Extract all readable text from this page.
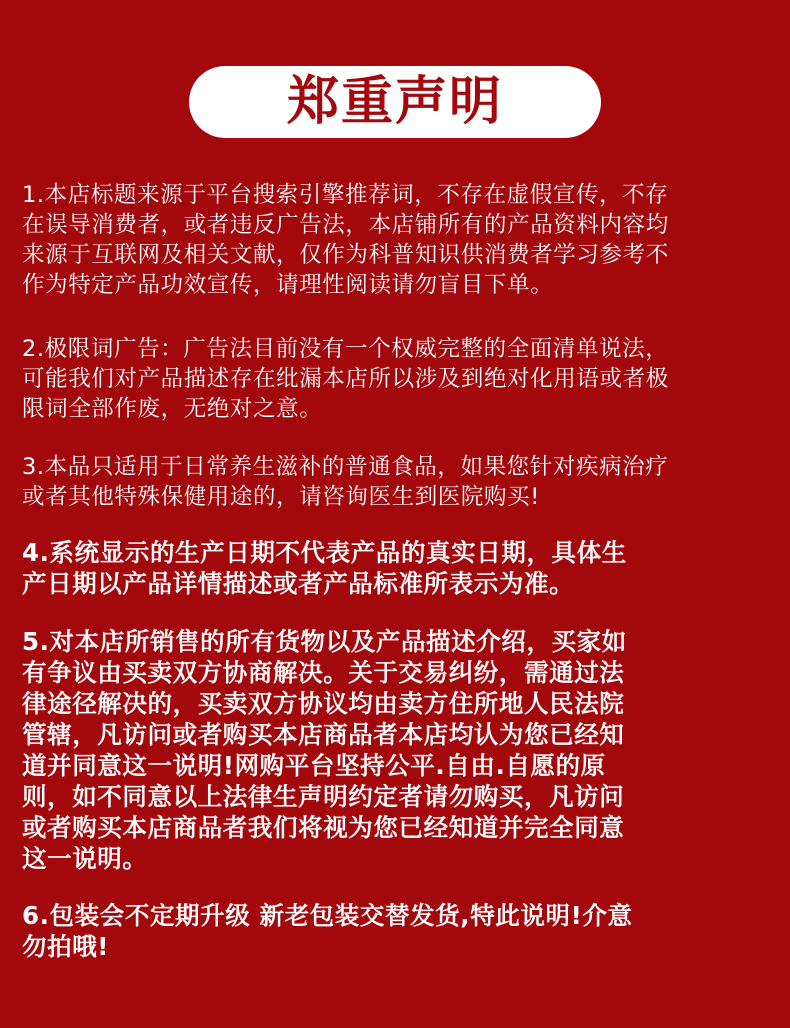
郑重声明

1.本店标题来源于平台搜索引擎推荐词，不存在虚假宣传，不存
在误导消费者，或者违反广告法，本店铺所有的产品资料内容均
来源于互联网及相关文献，仅作为科普知识供消费者学习参考不
作为特定产品功效宣传，请理性阅读请勿盲目下单。

2.极限词广告：广告法目前没有一个权威完整的全面清单说法，
可能我们对产品描述存在纰漏本店所以涉及到绝对化用语或者极
限词全部作废，无绝对之意。

3.本品只适用于日常养生滋补的普通食品，如果您针对疾病治疗
或者其他特殊保健用途的，请咨询医生到医院购买!

4.系统显示的生产日期不代表产品的真实日期，具体生
产日期以产品详情描述或者产品标准所表示为准。

5.对本店所销售的所有货物以及产品描述介绍，买家如
有争议由买卖双方协商解决。关于交易纠纷，需通过法
律途径解决的，买卖双方协议均由卖方住所地人民法院
管辖，凡访问或者购买本店商品者本店均认为您已经知
道并同意这一说明!网购平台坚持公平.自由.自愿的原
则，如不同意以上法律生声明约定者请勿购买，凡访问
或者购买本店商品者我们将视为您已经知道并完全同意
这一说明。

6.包装会不定期升级 新老包装交替发货,特此说明!介意
勿拍哦!
